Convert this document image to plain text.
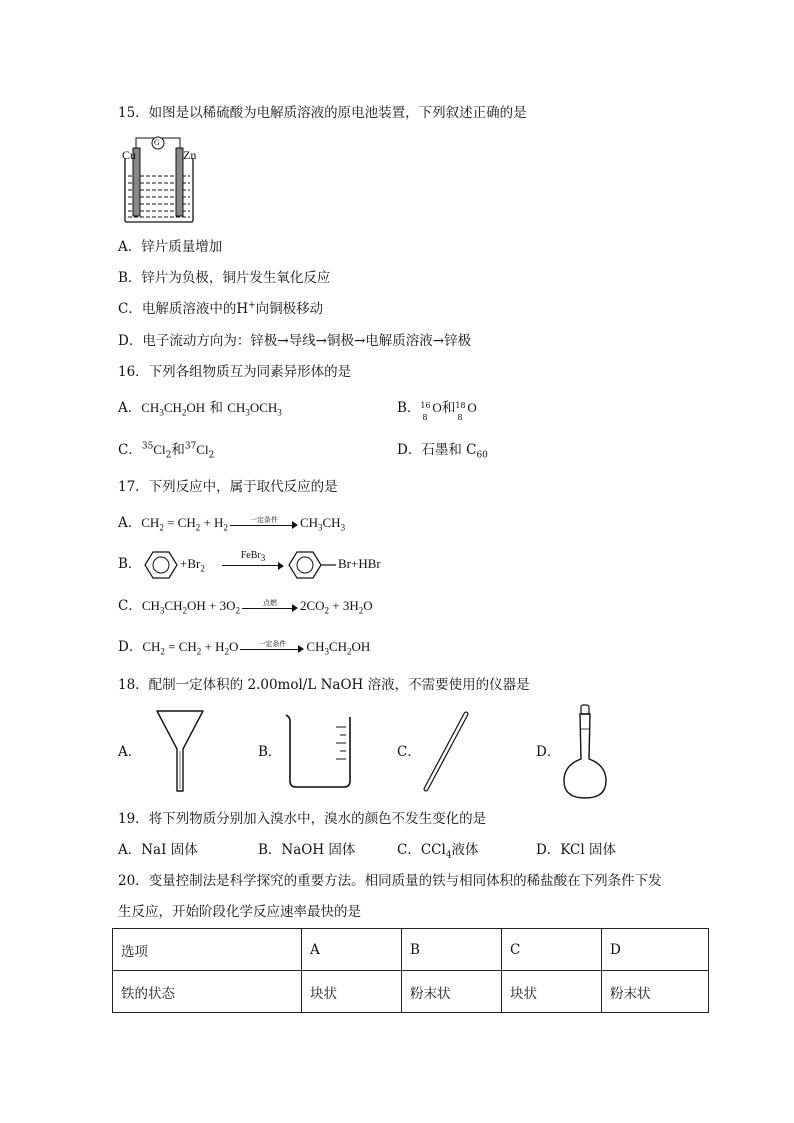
15．如图是以稀硫酸为电解质溶液的原电池装置，下列叙述正确的是
Cu	Zn
G
A．锌片质量增加
B．锌片为负极，铜片发生氧化反应
C．电解质溶液中的H+向铜极移动
D．电子流动方向为：锌极→导线→铜极→电解质溶液→锌极
16．下列各组物质互为同素异形体的是
A．$CH_3CH_2OH$ 和 $CH_3OCH_3$	B． 16
8
O和 18
8
O
C．$^{35}Cl_2$和$^{37}Cl_2$	D．石墨和 $C_{60}$
17．下列反应中，属于取代反应的是
A．$CH_2 = CH_2 + H_2$
一定条件	$CH_3CH_3$
B．	$+Br_2$
FeBr$_3$	Br+HBr
C．$CH_3CH_2OH + 3O_2$
点燃	$2CO_2 + 3H_2O$
D．$CH_2 = CH_2 + H_2O$	一定条件	$CH_3CH_2OH$
18．配制一定体积的 2.00mol/L NaOH 溶液，不需要使用的仪器是
A．	B．	C．	D．
19．将下列物质分别加入溴水中，溴水的颜色不发生变化的是
A．NaI 固体	B．NaOH 固体	C．CCl$_4$液体	D．KCl 固体
20．变量控制法是科学探究的重要方法。相同质量的铁与相同体积的稀盐酸在下列条件下发
生反应，开始阶段化学反应速率最快的是
选项	A	B	C	D
铁的状态	块状	粉末状	块状	粉末状
